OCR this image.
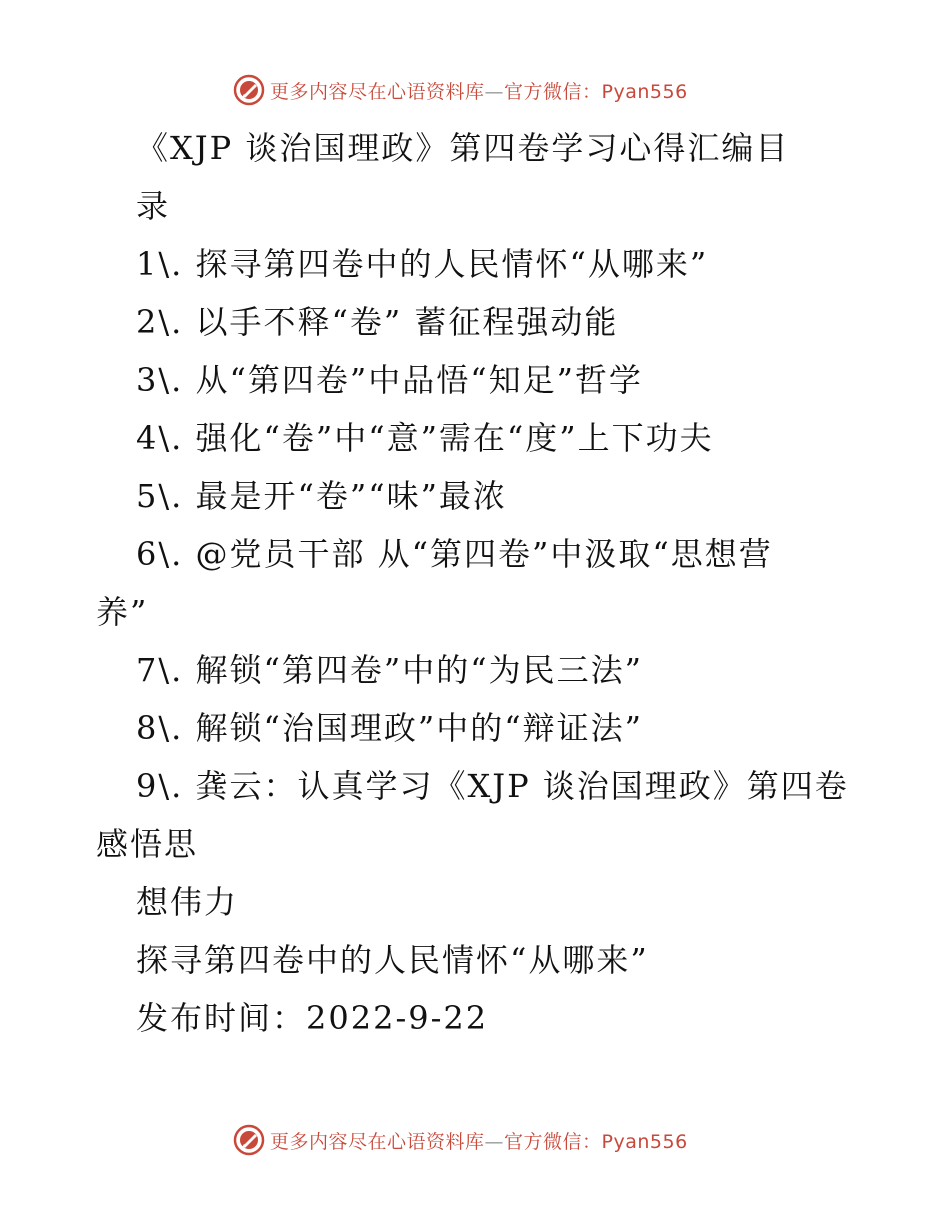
更多内容尽在心语资料库—官方微信：Pyan556
《XJP 谈治国理政》第四卷学习心得汇编目
录
1\. 探寻第四卷中的人民情怀“从哪来”
2\. 以手不释“卷” 蓄征程强动能
3\. 从“第四卷”中品悟“知足”哲学
4\. 强化“卷”中“意”需在“度”上下功夫
5\. 最是开“卷”“味”最浓
6\. @党员干部 从“第四卷”中汲取“思想营
养”
7\. 解锁“第四卷”中的“为民三法”
8\. 解锁“治国理政”中的“辩证法”
9\. 龚云：认真学习《XJP 谈治国理政》第四卷
感悟思
想伟力
探寻第四卷中的人民情怀“从哪来”
发布时间：2022-9-22
更多内容尽在心语资料库—官方微信：Pyan556
